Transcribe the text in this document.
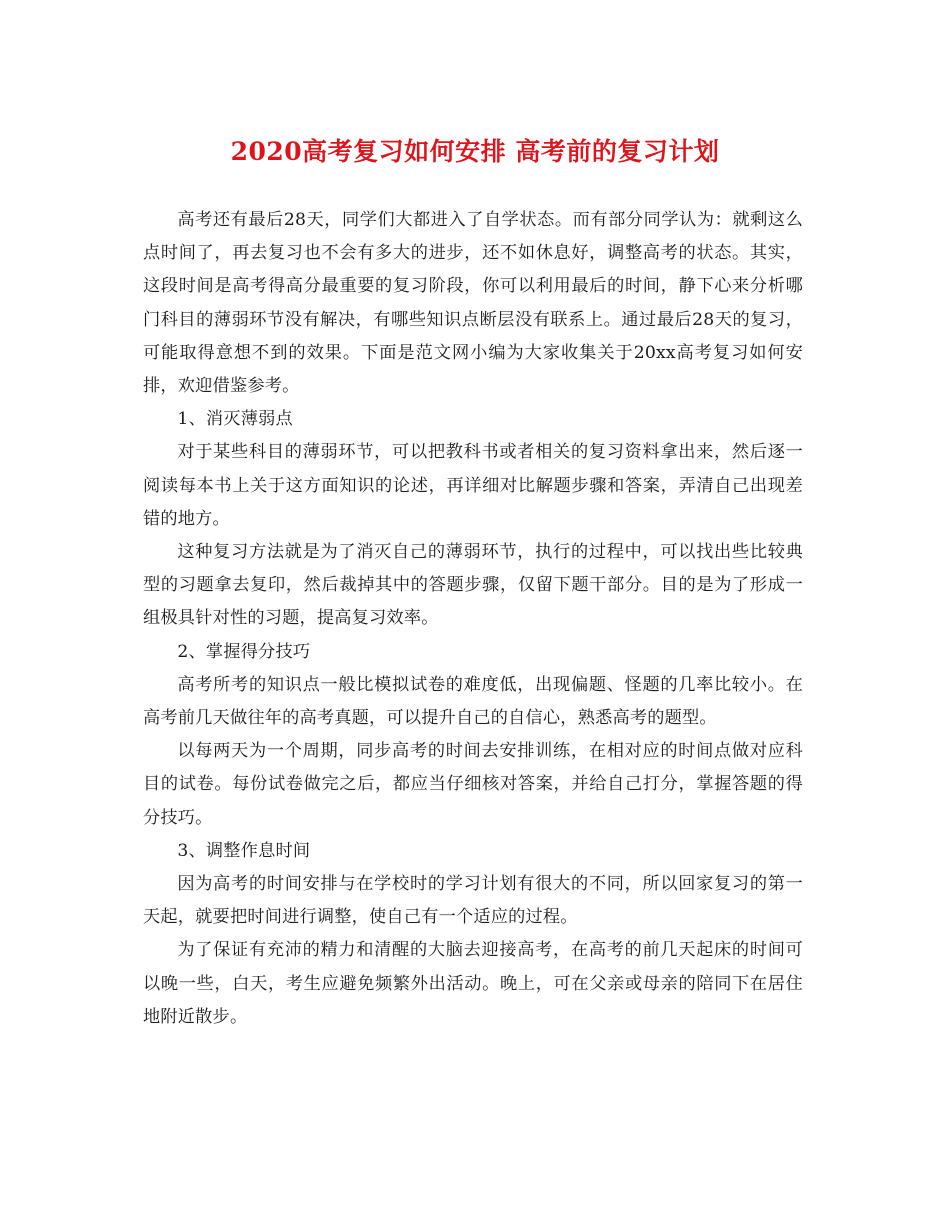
2020高考复习如何安排 高考前的复习计划

高考还有最后28天，同学们大都进入了自学状态。而有部分同学认为：就剩这么点时间了，再去复习也不会有多大的进步，还不如休息好，调整高考的状态。其实，这段时间是高考得高分最重要的复习阶段，你可以利用最后的时间，静下心来分析哪门科目的薄弱环节没有解决，有哪些知识点断层没有联系上。通过最后28天的复习，可能取得意想不到的效果。下面是范文网小编为大家收集关于20xx高考复习如何安排，欢迎借鉴参考。

1、消灭薄弱点

对于某些科目的薄弱环节，可以把教科书或者相关的复习资料拿出来，然后逐一阅读每本书上关于这方面知识的论述，再详细对比解题步骤和答案，弄清自己出现差错的地方。

这种复习方法就是为了消灭自己的薄弱环节，执行的过程中，可以找出些比较典型的习题拿去复印，然后裁掉其中的答题步骤，仅留下题干部分。目的是为了形成一组极具针对性的习题，提高复习效率。

2、掌握得分技巧

高考所考的知识点一般比模拟试卷的难度低，出现偏题、怪题的几率比较小。在高考前几天做往年的高考真题，可以提升自己的自信心，熟悉高考的题型。

以每两天为一个周期，同步高考的时间去安排训练，在相对应的时间点做对应科目的试卷。每份试卷做完之后，都应当仔细核对答案，并给自己打分，掌握答题的得分技巧。

3、调整作息时间

因为高考的时间安排与在学校时的学习计划有很大的不同，所以回家复习的第一天起，就要把时间进行调整，使自己有一个适应的过程。

为了保证有充沛的精力和清醒的大脑去迎接高考，在高考的前几天起床的时间可以晚一些，白天，考生应避免频繁外出活动。晚上，可在父亲或母亲的陪同下在居住地附近散步。
